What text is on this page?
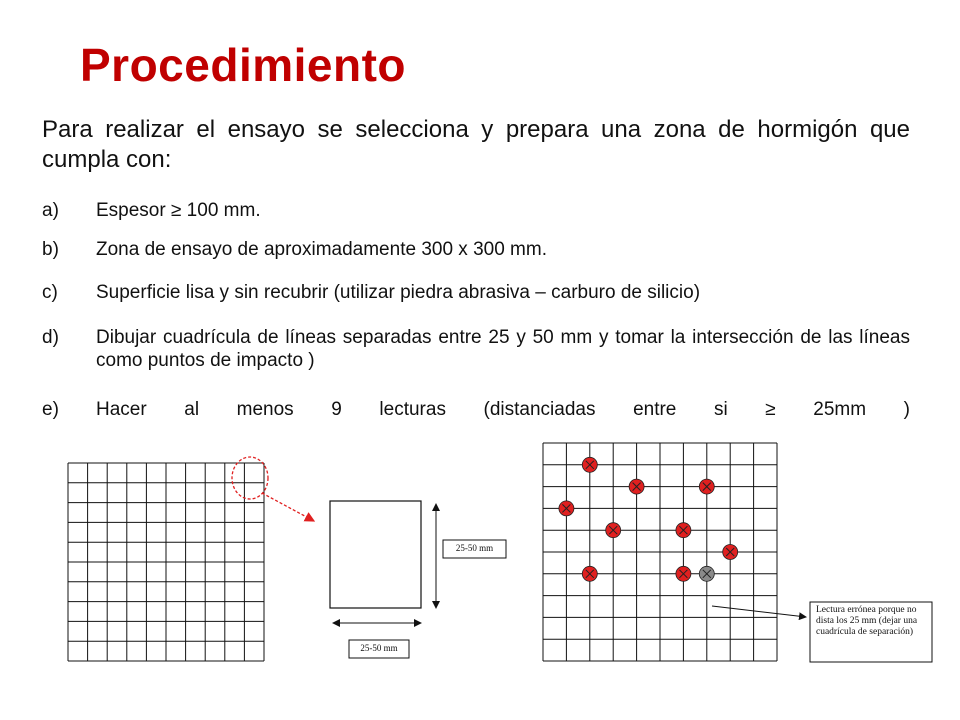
Procedimiento
Para realizar el ensayo se selecciona y prepara una zona de hormigón que cumpla con:
a) Espesor ≥ 100 mm.
b) Zona de ensayo de aproximadamente 300 x 300 mm.
c) Superficie lisa y sin recubrir (utilizar piedra abrasiva – carburo de silicio)
d) Dibujar cuadrícula de líneas separadas entre 25 y 50 mm y tomar la intersección de las líneas como puntos de impacto )
e) Hacer al menos 9 lecturas (distanciadas entre si ≥ 25mm )
25-50 mm
25-50 mm
Lectura errónea porque no dista los 25 mm (dejar una cuadrícula de separación)
